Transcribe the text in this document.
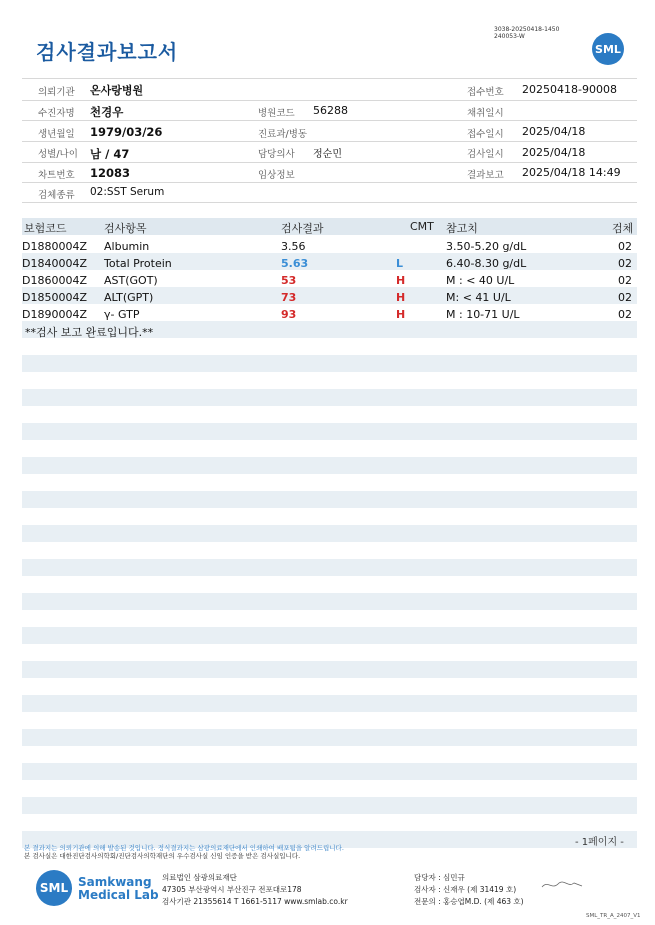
검사결과보고서
3038-20250418-1450
240053-W
SML
의뢰기관 온사랑병원	접수번호 20250418-90008
수진자명 천경우	병원코드 56288	채취일시
생년월일 1979/03/26	진료과/병동	접수일시 2025/04/18
성별/나이 남 / 47	담당의사 정순민	검사일시 2025/04/18
차트번호 12083	임상정보	결과보고 2025/04/18 14:49
검체종류 02:SST Serum
보험코드	검사항목	검사결과	CMT 참고치	검체
D1880004Z Albumin	3.56	3.50-5.20 g/dL	02
D1840004Z Total Protein	5.63	L	6.40-8.30 g/dL	02
D1860004Z AST(GOT)	53	H	M : < 40 U/L	02
D1850004Z ALT(GPT)	73	H	M: < 41 U/L	02
D1890004Z γ- GTP	93	H	M : 10-71 U/L	02
**검사 보고 완료입니다.**
- 1페이지 -
본 결과지는 의뢰기관에 의해 발송된 것입니다. 정식결과지는 삼광의료재단에서 인쇄하여 배포됨을 알려드립니다.
본 검사실은 대한진단검사의학회/진단검사의학재단의 우수검사실 신임 인증을 받은 검사실입니다.
SML Samkwang
Medical Lab
의료법인 삼광의료재단
47305 부산광역시 부산진구 전포대로178
검사기관 21355614 T 1661-5117 www.smlab.co.kr
담당자 : 심민규
검사자 : 신재우 (제 31419 호)
전문의 : 홍승엽M.D. (제 463 호)
SML_TR_A_2407_V1
